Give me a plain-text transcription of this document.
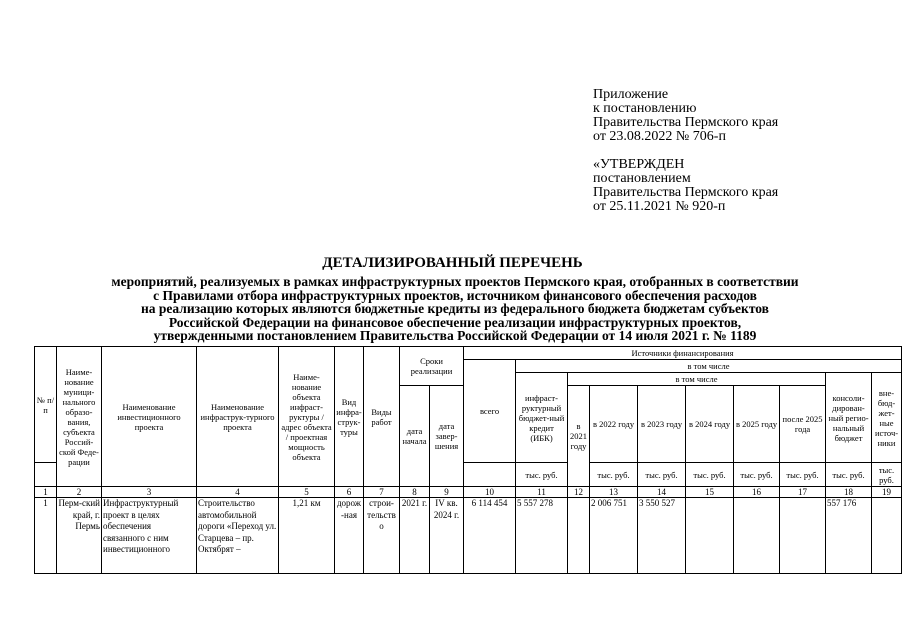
Приложение
к постановлению
Правительства Пермского края
от 23.08.2022 № 706-п
«УТВЕРЖДЕН
постановлением
Правительства Пермского края
от 25.11.2021 № 920-п
ДЕТАЛИЗИРОВАННЫЙ ПЕРЕЧЕНЬ
мероприятий, реализуемых в рамках инфраструктурных проектов Пермского края, отобранных в соответствии
с Правилами отбора инфраструктурных проектов, источником финансового обеспечения расходов
на реализацию которых являются бюджетные кредиты из федерального бюджета бюджетам субъектов
Российской Федерации на финансовое обеспечение реализации инфраструктурных проектов,
утвержденными постановлением Правительства Российской Федерации от 14 июля 2021 г. № 1189
№ п/п	Наиме-нование муници-нального образо-вания, субъекта Россий-ской Феде-рации	Наименование инвестиционного проекта	Наименование инфраструк-турного проекта	Наиме-нование объекта инфраст-руктуры / адрес объекта / проектная мощность объекта	Вид инфра-струк-туры	Виды работ	Сроки реализации		Источники финансирования									
									всего	в том числе								
										инфраст-руктурный бюджет-ный кредит (ИБК)	в том числе						консоли-дирован-ный регио-нальный бюджет	вне-бюд-жет-ные источ-ники
							дата начала	дата завер-шения			в 2021 году	в 2022 году	в 2023 году	в 2024 году	в 2025 году	после 2025 года		
										тыс. руб.		тыс. руб.	тыс. руб.	тыс. руб.	тыс. руб.	тыс. руб.	тыс. руб.	тыс. руб.
1	2	3	4	5	6	7	8	9	10	11	12	13	14	15	16	17	18	19
1	Перм-ский край, г. Пермь	Инфраструктурный проект в целях обеспечения связанного с ним инвестиционного	Строительство автомобильной дороги «Переход ул. Старцева – пр. Октябрят –	1,21 км	дорож-ная	строи-тельство	2021 г.	IV кв. 2024 г.	6 114 454	5 557 278		2 006 751	3 550 527				557 176	
